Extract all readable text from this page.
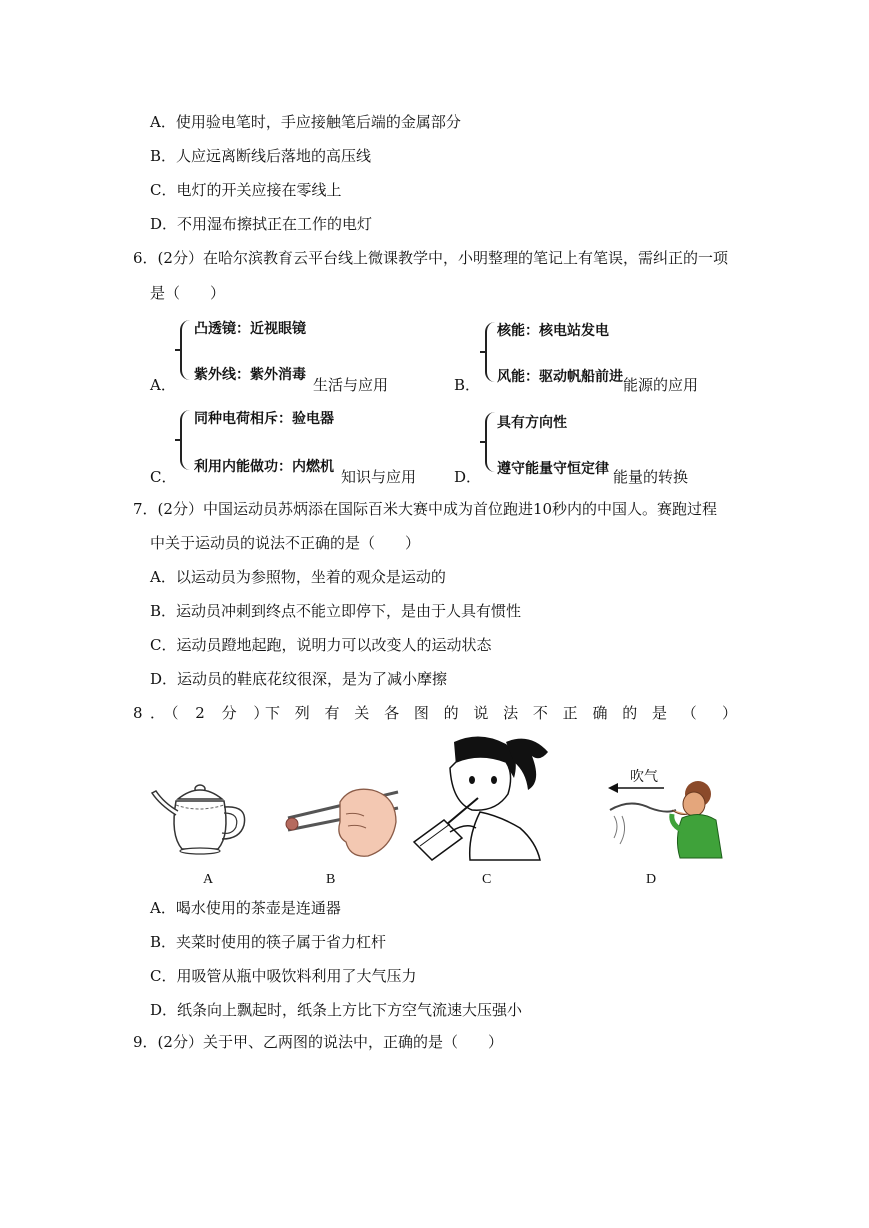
A．使用验电笔时，手应接触笔后端的金属部分
B．人应远离断线后落地的高压线
C．电灯的开关应接在零线上
D．不用湿布擦拭正在工作的电灯
6．(2分）在哈尔滨教育云平台线上微课教学中，小明整理的笔记上有笔误，需纠正的一项
是（　　）
A．
凸透镜：近视眼镜
紫外线：紫外消毒
生活与应用	B．
核能：核电站发电
风能：驱动帆船前进 能源的应用
C．
同种电荷相斥：验电器
利用内能做功：内燃机
知识与应用	D．
具有方向性
遵守能量守恒定律 能量的转换
7．(2分）中国运动员苏炳添在国际百米大赛中成为首位跑进10秒内的中国人。赛跑过程
中关于运动员的说法不正确的是（　　）
A．以运动员为参照物，坐着的观众是运动的
B．运动员冲刺到终点不能立即停下，是由于人具有惯性
C．运动员蹬地起跑，说明力可以改变人的运动状态
D．运动员的鞋底花纹很深，是为了减小摩擦
8 ．（ 2 分 ）
下 列 有 关 各 图 的 说 法 不 正 确 的 是 （ ）
A	B	C
吹气
D
A．喝水使用的茶壶是连通器
B．夹菜时使用的筷子属于省力杠杆
C．用吸管从瓶中吸饮料利用了大气压力
D．纸条向上飘起时，纸条上方比下方空气流速大压强小
9．(2分）关于甲、乙两图的说法中，正确的是（　　）
